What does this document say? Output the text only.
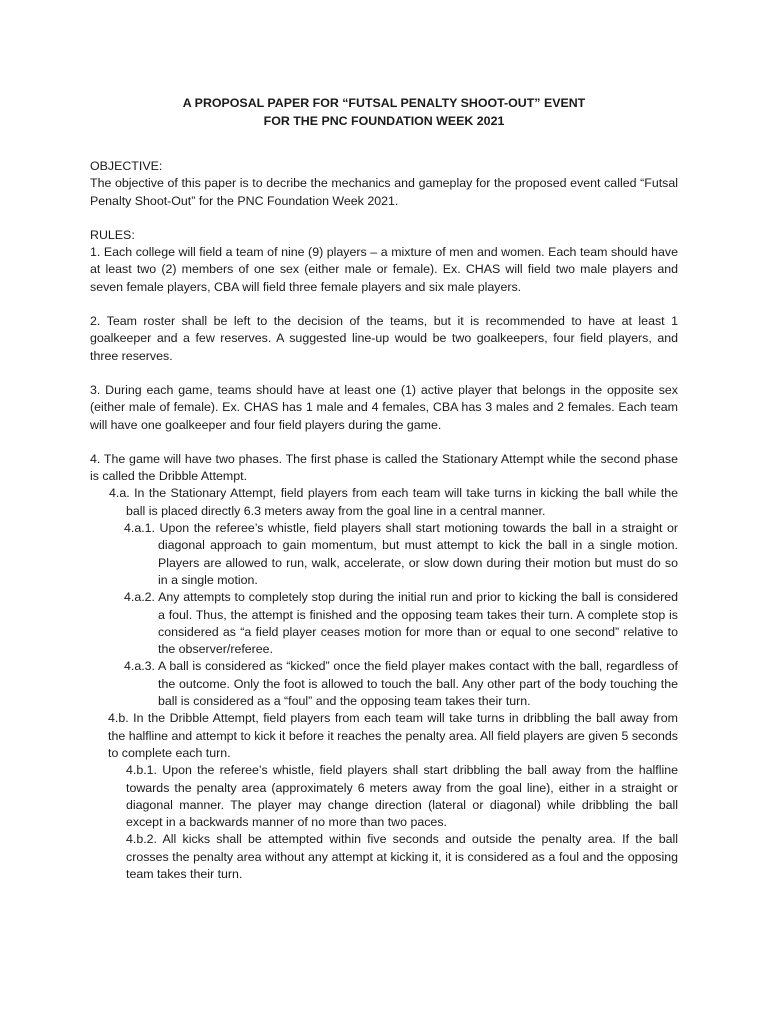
A PROPOSAL PAPER FOR “FUTSAL PENALTY SHOOT-OUT” EVENT
FOR THE PNC FOUNDATION WEEK 2021

OBJECTIVE:

The objective of this paper is to decribe the mechanics and gameplay for the proposed event called “Futsal Penalty Shoot-Out” for the PNC Foundation Week 2021.

RULES:

1. Each college will field a team of nine (9) players – a mixture of men and women. Each team should have at least two (2) members of one sex (either male or female). Ex. CHAS will field two male players and seven female players, CBA will field three female players and six male players.

2. Team roster shall be left to the decision of the teams, but it is recommended to have at least 1 goalkeeper and a few reserves. A suggested line-up would be two goalkeepers, four field players, and three reserves.

3. During each game, teams should have at least one (1) active player that belongs in the opposite sex (either male of female). Ex. CHAS has 1 male and 4 females, CBA has 3 males and 2 females. Each team will have one goalkeeper and four field players during the game.

4. The game will have two phases. The first phase is called the Stationary Attempt while the second phase is called the Dribble Attempt.

4.a. In the Stationary Attempt, field players from each team will take turns in kicking the ball while the ball is placed directly 6.3 meters away from the goal line in a central manner.

4.a.1. Upon the referee’s whistle, field players shall start motioning towards the ball in a straight or diagonal approach to gain momentum, but must attempt to kick the ball in a single motion. Players are allowed to run, walk, accelerate, or slow down during their motion but must do so in a single motion.

4.a.2. Any attempts to completely stop during the initial run and prior to kicking the ball is considered a foul. Thus, the attempt is finished and the opposing team takes their turn. A complete stop is considered as “a field player ceases motion for more than or equal to one second” relative to the observer/referee.

4.a.3. A ball is considered as “kicked” once the field player makes contact with the ball, regardless of the outcome. Only the foot is allowed to touch the ball. Any other part of the body touching the ball is considered as a “foul” and the opposing team takes their turn.

4.b. In the Dribble Attempt, field players from each team will take turns in dribbling the ball away from the halfline and attempt to kick it before it reaches the penalty area. All field players are given 5 seconds to complete each turn.

4.b.1. Upon the referee’s whistle, field players shall start dribbling the ball away from the halfline towards the penalty area (approximately 6 meters away from the goal line), either in a straight or diagonal manner. The player may change direction (lateral or diagonal) while dribbling the ball except in a backwards manner of no more than two paces.

4.b.2. All kicks shall be attempted within five seconds and outside the penalty area. If the ball crosses the penalty area without any attempt at kicking it, it is considered as a foul and the opposing team takes their turn.
